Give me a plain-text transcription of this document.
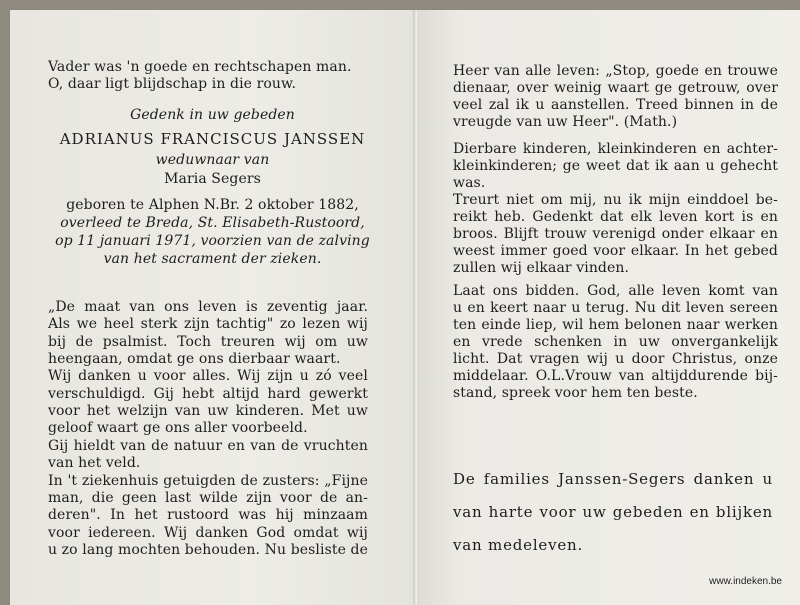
Vader was 'n goede en rechtschapen man.
O, daar ligt blijdschap in die rouw.
Gedenk in uw gebeden
ADRIANUS FRANCISCUS JANSSEN
weduwnaar van
Maria Segers
geboren te Alphen N.Br. 2 oktober 1882,
overleed te Breda, St. Elisabeth-Rustoord,
op 11 januari 1971, voorzien van de zalving
van het sacrament der zieken.
„De maat van ons leven is zeventig jaar.
Als we heel sterk zijn tachtig" zo lezen wij
bij de psalmist. Toch treuren wij om uw
heengaan, omdat ge ons dierbaar waart.
Wij danken u voor alles. Wij zijn u zó veel
verschuldigd. Gij hebt altijd hard gewerkt
voor het welzijn van uw kinderen. Met uw
geloof waart ge ons aller voorbeeld.
Gij hieldt van de natuur en van de vruchten
van het veld.
In 't ziekenhuis getuigden de zusters: „Fijne
man, die geen last wilde zijn voor de an-
deren". In het rustoord was hij minzaam
voor iedereen. Wij danken God omdat wij
u zo lang mochten behouden. Nu besliste de
Heer van alle leven: „Stop, goede en trouwe
dienaar, over weinig waart ge getrouw, over
veel zal ik u aanstellen. Treed binnen in de
vreugde van uw Heer". (Math.)
Dierbare kinderen, kleinkinderen en achter-
kleinkinderen; ge weet dat ik aan u gehecht
was.
Treurt niet om mij, nu ik mijn einddoel be-
reikt heb. Gedenkt dat elk leven kort is en
broos. Blijft trouw verenigd onder elkaar en
weest immer goed voor elkaar. In het gebed
zullen wij elkaar vinden.
Laat ons bidden. God, alle leven komt van
u en keert naar u terug. Nu dit leven sereen
ten einde liep, wil hem belonen naar werken
en vrede schenken in uw onvergankelijk
licht. Dat vragen wij u door Christus, onze
middelaar. O.L.Vrouw van altijddurende bij-
stand, spreek voor hem ten beste.
De families Janssen-Segers danken u
van harte voor uw gebeden en blijken
van medeleven.
www.indeken.be
